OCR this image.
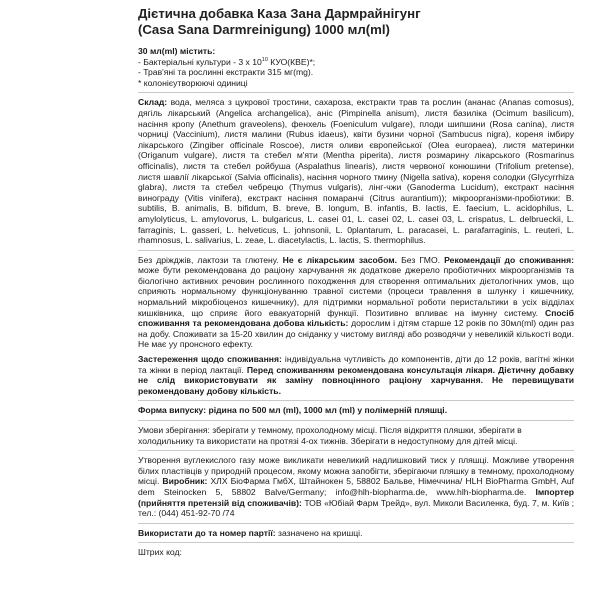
Дієтична добавка Каза Зана Дармрайнігунг

(Casa Sana Darmreinigung) 1000 мл(ml)

30 мл(ml) містить:

- Бактеріальні культури - 3 х $10^{10}$ КУО(КВЕ)*;

- Трав'яні та рослинні екстракти 315 мг(mg).

* колонієутворюючі одиниці

Склад: вода, меляса з цукрової тростини, сахароза, екстракти трав та рослин (ананас (Ananas comosus), дягіль лікарський (Angelica archangelica), аніс (Pimpinella anisum), листя базиліка (Ocimum basilicum), насіння кропу (Anethum graveolens), фенхель (Foeniculum vulgare), плоди шипшини (Rosa canina), листя чорниці (Vaccinium), листя малини (Rubus idaeus), квіти бузини чорної (Sambucus nigra), кореня імбиру лікарського (Zingiber officinale Roscoe), листя оливи європейської (Olea europaea), листя материнки (Origanum vulgare), листя та стебел м'яти (Mentha piperita), листя розмарину лікарського (Rosmarinus officinalis), листя та стебел ройбуша (Aspalathus linearis), листя червоної конюшини (Trifolium pretense), листя шавлії лікарської (Salvia officinalis), насіння чорного тмину (Nigella sativa), кореня солодки (Glycyrrhiza glabra), листя та стебел чебрецю (Thymus vulgaris), лінг-чжи (Ganoderma Lucidum), екстракт насіння винограду (Vitis vinifera), екстракт насіння помаранчі (Citrus aurantium)); мікроорганізми-пробіотики: B. subtilis, B. animalis, B. bifidum, B. breve, B. longum, B. infantis, B. lactis, E. faecium, L. acidophilus, L. amylolyticus, L. amylovorus, L. bulgaricus, L. casei 01, L. casei 02, L. casei 03, L. crispatus, L. delbrueckii, L. farraginis, L. gasseri, L. helveticus, L. johnsonii, L. 0plantarum, L. paracasei, L. parafarraginis, L. reuteri, L. rhamnosus, L. salivarius, L. zeae, L. diacetylactis, L. lactis, S. thermophilus.

Без дріжджів, лактози та глютену. Не є лікарським засобом. Без ГМО. Рекомендації до споживання: може бути рекомендована до раціону харчування як додаткове джерело пробіотичних мікроорганізмів та біологічно активних речовин рослинного походження для створення оптимальних дієтологічних умов, що сприяють нормальному функціонуванню травної системи (процеси травлення в шлунку і кишечнику, нормальний мікробіоценоз кишечнику), для підтримки нормальної роботи перистальтики в усіх відділах кишківника, що сприяє його евакуаторній функції. Позитивно впливає на імунну систему. Спосіб споживання та рекомендована добова кількість: дорослим і дітям старше 12 років по 30мл(ml) один раз на добу. Споживати за 15-20 хвилин до сніданку у чистому вигляді або розводячи у невеликій кількості води. Не має уу пронсного ефекту.

Застереження щодо споживання: індивідуальна чутливість до компонентів, діти до 12 років, вагітні жінки та жінки в період лактації. Перед споживанням рекомендована консультація лікаря. Дієтичну добавку не слід використовувати як заміну повноцінного раціону харчування. Не перевищувати рекомендовану добову кількість.

Форма випуску: рідина по 500 мл (ml), 1000 мл (ml) у полімерній пляшці.

Умови зберігання: зберігати у темному, прохолодному місці. Після відкриття пляшки, зберігати в холодильнику та використати на протязі 4-ох тижнів. Зберігати в недоступному для дітей місці.

Утворення вуглекислого газу може викликати невеликий надлишковий тиск у пляшці. Можливе утворення білих пластівців у природній процесом, якому можна запобігти, зберігаючи пляшку в темному, прохолодному місці. Виробник: ХЛХ БіоФарма ГмбХ, Штайнокен 5, 58802 Бальве, Німеччина/ HLH BioPharma GmbH, Auf dem Steinocken 5, 58802 Balve/Germany; info@hlh-biopharma.de, www.hlh-biopharma.de. Імпортер (прийняття претензій від споживачів): ТОВ «Юбіай Фарм Трейд», вул. Миколи Василенка, буд. 7, м. Київ ; тел.: (044) 451-92-70 /74

Використати до та номер партії: зазначено на кришці.

Штрих код:
